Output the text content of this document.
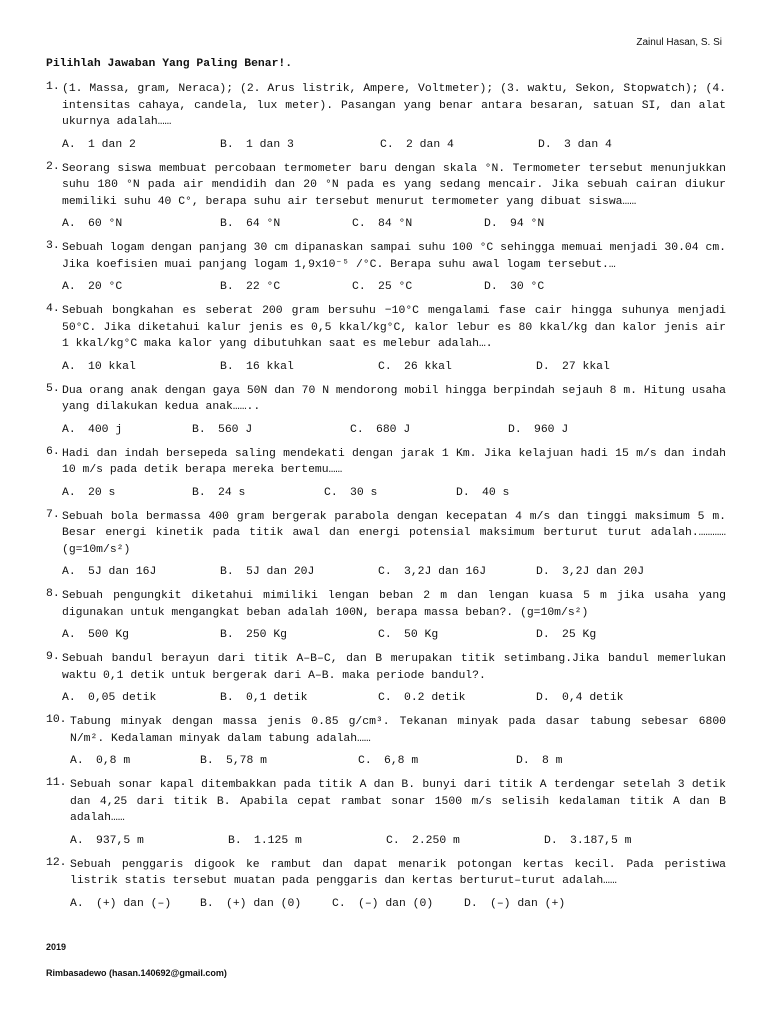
Zainul Hasan, S. Si
Pilihlah Jawaban Yang Paling Benar!.
1. (1. Massa, gram, Neraca); (2. Arus listrik, Ampere, Voltmeter); (3. waktu, Sekon, Stopwatch); (4. intensitas cahaya, candela, lux meter). Pasangan yang benar antara besaran, satuan SI, dan alat ukurnya adalah……
A.	1 dan 2	B.	1 dan 3	C.	2 dan 4	D.	3 dan 4
2. Seorang siswa membuat percobaan termometer baru dengan skala °N. Termometer tersebut menunjukkan suhu 180 °N pada air mendidih dan 20 °N pada es yang sedang mencair. Jika sebuah cairan diukur memiliki suhu 40 C°, berapa suhu air tersebut menurut termometer yang dibuat siswa……
A.	60 °N	B.	64 °N	C.	84 °N	D.	94 °N
3. Sebuah logam dengan panjang 30 cm dipanaskan sampai suhu 100 °C sehingga memuai menjadi 30.04 cm. Jika koefisien muai panjang logam 1,9x10⁻⁵ /°C. Berapa suhu awal logam tersebut.…
A.	20 °C	B.	22 °C	C.	25 °C	D.	30 °C
4. Sebuah bongkahan es seberat 200 gram bersuhu −10°C mengalami fase cair hingga suhunya menjadi 50°C. Jika diketahui kalur jenis es 0,5 kkal/kg°C, kalor lebur es 80 kkal/kg dan kalor jenis air 1 kkal/kg°C maka kalor yang dibutuhkan saat es melebur adalah….
A.	10 kkal	B.	16 kkal	C.	26 kkal	D.	27 kkal
5. Dua orang anak dengan gaya 50N dan 70 N mendorong mobil hingga berpindah sejauh 8 m. Hitung usaha yang dilakukan kedua anak……..
A.	400 j	B.	560 J	C.	680 J	D.	960 J
6. Hadi dan indah bersepeda saling mendekati dengan jarak 1 Km. Jika kelajuan hadi 15 m/s dan indah 10 m/s pada detik berapa mereka bertemu……
A.	20 s	B.	24 s	C.	30 s	D.	40 s
7. Sebuah bola bermassa 400 gram bergerak parabola dengan kecepatan 4 m/s dan tinggi maksimum 5 m. Besar energi kinetik pada titik awal dan energi potensial maksimum berturut turut adalah.………… (g=10m/s²)
A.	5J dan 16J	B.	5J dan 20J	C.	3,2J dan 16J	D.	3,2J dan 20J
8. Sebuah pengungkit diketahui mimiliki lengan beban 2 m dan lengan kuasa 5 m jika usaha yang digunakan untuk mengangkat beban adalah 100N, berapa massa beban?. (g=10m/s²)
A.	500 Kg	B.	250 Kg	C.	50 Kg	D.	25 Kg
9. Sebuah bandul berayun dari titik A–B–C, dan B merupakan titik setimbang.Jika bandul memerlukan waktu 0,1 detik untuk bergerak dari A–B. maka periode bandul?.
A.	0,05 detik	B.	0,1 detik	C.	0.2 detik	D.	0,4 detik
10. Tabung minyak dengan massa jenis 0.85 g/cm³. Tekanan minyak pada dasar tabung sebesar 6800 N/m². Kedalaman minyak dalam tabung adalah……
A.	0,8 m	B.	5,78 m	C.	6,8 m	D.	8 m
11. Sebuah sonar kapal ditembakkan pada titik A dan B. bunyi dari titik A terdengar setelah 3 detik dan 4,25 dari titik B. Apabila cepat rambat sonar 1500 m/s selisih kedalaman titik A dan B adalah……
A.	937,5 m	B.	1.125 m	C.	2.250 m	D.	3.187,5 m
12. Sebuah penggaris digook ke rambut dan dapat menarik potongan kertas kecil. Pada peristiwa listrik statis tersebut muatan pada penggaris dan kertas berturut–turut adalah……
A.	(+) dan (–)	B.	(+) dan (0)	C.	(–) dan (0)	D.	(–) dan (+)
2019
Rimbasadewo (hasan.140692@gmail.com)
